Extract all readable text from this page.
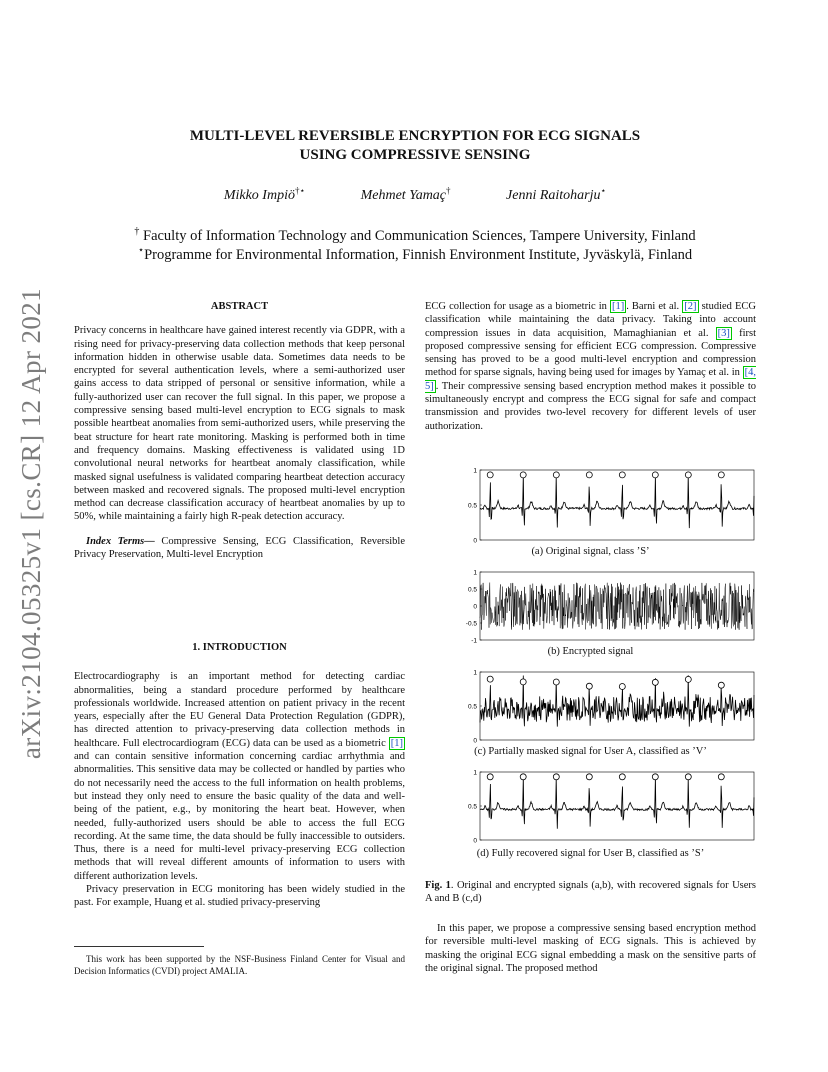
arXiv:2104.05325v1 [cs.CR] 12 Apr 2021
MULTI-LEVEL REVERSIBLE ENCRYPTION FOR ECG SIGNALS
USING COMPRESSIVE SENSING
Mikko Impiö†⋆	Mehmet Yamaç†	Jenni Raitoharju⋆
† Faculty of Information Technology and Communication Sciences, Tampere University, Finland
⋆Programme for Environmental Information, Finnish Environment Institute, Jyväskylä, Finland
ABSTRACT

Privacy concerns in healthcare have gained interest recently via GDPR, with a rising need for privacy-preserving data collection methods that keep personal information hidden in otherwise usable data. Sometimes data needs to be encrypted for several authentication levels, where a semi-authorized user gains access to data stripped of personal or sensitive information, while a fully-authorized user can recover the full signal. In this paper, we propose a compressive sensing based multi-level encryption to ECG signals to mask possible heartbeat anomalies from semi-authorized users, while preserving the beat structure for heart rate monitoring. Masking is performed both in time and frequency domains. Masking effectiveness is validated using 1D convolutional neural networks for heartbeat anomaly classification, while masked signal usefulness is validated comparing heartbeat detection accuracy between masked and recovered signals. The proposed multi-level encryption method can decrease classification accuracy of heartbeat anomalies by up to 50%, while maintaining a fairly high R-peak detection accuracy.

Index Terms— Compressive Sensing, ECG Classification, Reversible Privacy Preservation, Multi-level Encryption

1. INTRODUCTION

Electrocardiography is an important method for detecting cardiac abnormalities, being a standard procedure performed by healthcare professionals worldwide. Increased attention on patient privacy in the recent years, especially after the EU General Data Protection Regulation (GDPR), has directed attention to privacy-preserving data collection methods in healthcare. Full electrocardiogram (ECG) data can be used as a biometric [1] and can contain sensitive information concerning cardiac arrhythmia and abnormalities. This sensitive data may be collected or handled by parties who do not necessarily need the access to the full information on health problems, but instead they only need to ensure the basic quality of the data and well-being of the patient, e.g., by monitoring the heart beat. However, when needed, fully-authorized users should be able to access the full ECG recording. At the same time, the data should be fully inaccessible to outsiders. Thus, there is a need for multi-level privacy-preserving ECG collection methods that will reveal different amounts of information to users with different authorization levels.

Privacy preservation in ECG monitoring has been widely studied in the past. For example, Huang et al. studied privacy-preserving

This work has been supported by the NSF-Business Finland Center for Visual and Decision Informatics (CVDI) project AMALIA.

ECG collection for usage as a biometric in [1] . Barni et al. [2] studied ECG classification while maintaining the data privacy. Taking into account compression issues in data acquisition, Mamaghianian et al. [3] first proposed compressive sensing for efficient ECG compression. Compressive sensing has proved to be a good multi-level encryption and compression method for sparse signals, having being used for images by Yamaç et al. in [4, 5] . Their compressive sensing based encryption method makes it possible to simultaneously encrypt and compress the ECG signal for safe and compact transmission and provides two-level recovery for different levels of user authorization.

1
0.5
0
(a) Original signal, class ’S’
1
0.5
0
-0.5
-1
(b) Encrypted signal
1
0.5
0
(c) Partially masked signal for User A, classified as ’V’
1
0.5
0
(d) Fully recovered signal for User B, classified as ’S’

Fig. 1. Original and encrypted signals (a,b), with recovered signals for Users A and B (c,d)

In this paper, we propose a compressive sensing based encryption method for reversible multi-level masking of ECG signals. This is achieved by masking the original ECG signal embedding a mask on the sensitive parts of the original signal. The proposed method
